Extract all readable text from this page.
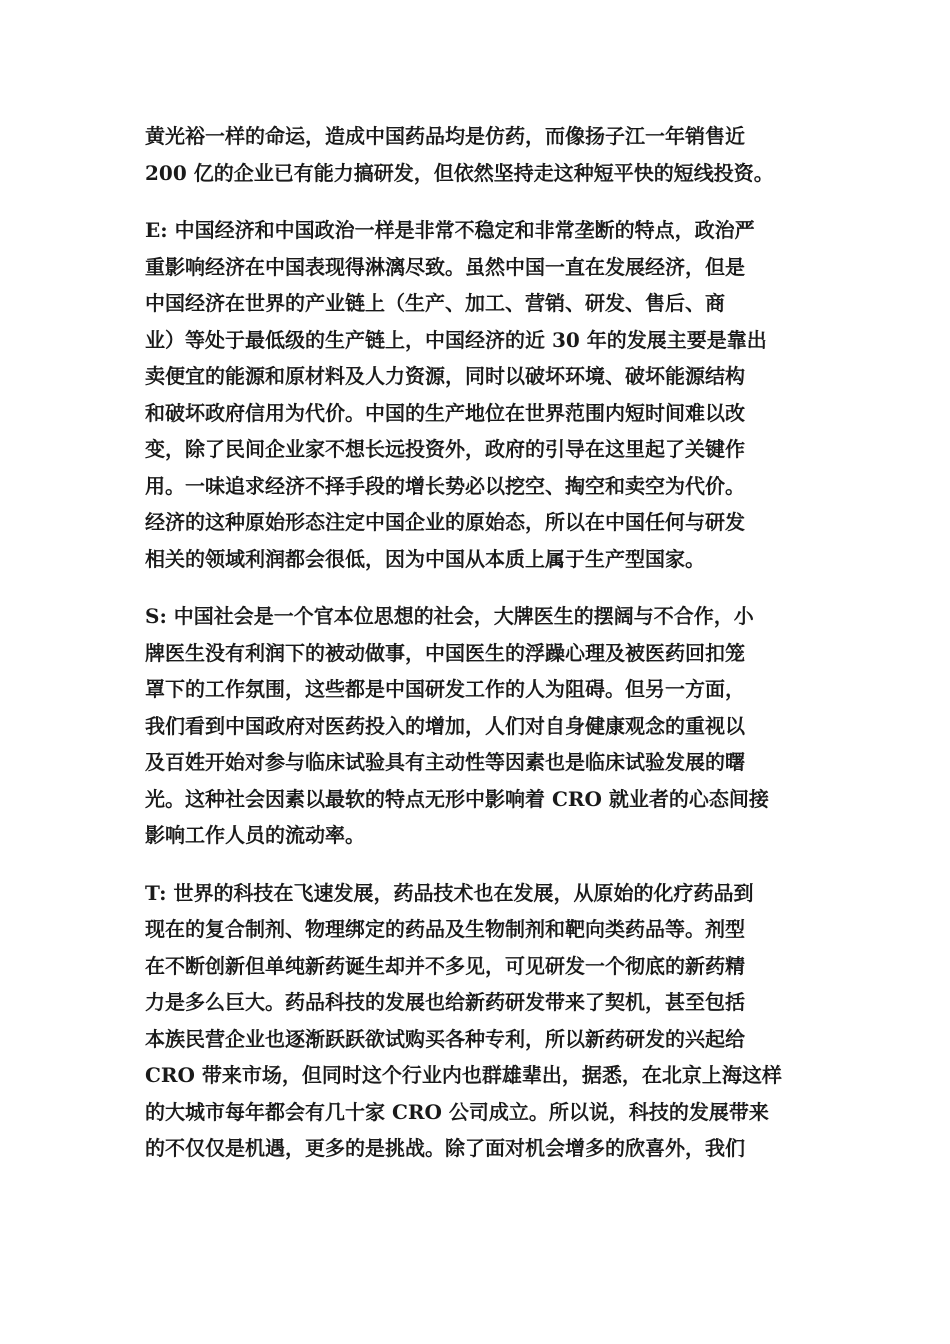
黄光裕一样的命运，造成中国药品均是仿药，而像扬子江一年销售近
200 亿的企业已有能力搞研发，但依然坚持走这种短平快的短线投资。

E: 中国经济和中国政治一样是非常不稳定和非常垄断的特点，政治严
重影响经济在中国表现得淋漓尽致。虽然中国一直在发展经济，但是
中国经济在世界的产业链上（生产、加工、营销、研发、售后、商
业）等处于最低级的生产链上，中国经济的近 30 年的发展主要是靠出
卖便宜的能源和原材料及人力资源，同时以破坏环境、破坏能源结构
和破坏政府信用为代价。中国的生产地位在世界范围内短时间难以改
变，除了民间企业家不想长远投资外，政府的引导在这里起了关键作
用。一味追求经济不择手段的增长势必以挖空、掏空和卖空为代价。
经济的这种原始形态注定中国企业的原始态，所以在中国任何与研发
相关的领域利润都会很低，因为中国从本质上属于生产型国家。

S: 中国社会是一个官本位思想的社会，大牌医生的摆阔与不合作，小
牌医生没有利润下的被动做事，中国医生的浮躁心理及被医药回扣笼
罩下的工作氛围，这些都是中国研发工作的人为阻碍。但另一方面，
我们看到中国政府对医药投入的增加，人们对自身健康观念的重视以
及百姓开始对参与临床试验具有主动性等因素也是临床试验发展的曙
光。这种社会因素以最软的特点无形中影响着 CRO 就业者的心态间接
影响工作人员的流动率。

T: 世界的科技在飞速发展，药品技术也在发展，从原始的化疗药品到
现在的复合制剂、物理绑定的药品及生物制剂和靶向类药品等。剂型
在不断创新但单纯新药诞生却并不多见，可见研发一个彻底的新药精
力是多么巨大。药品科技的发展也给新药研发带来了契机，甚至包括
本族民营企业也逐渐跃跃欲试购买各种专利，所以新药研发的兴起给
CRO 带来市场，但同时这个行业内也群雄辈出，据悉，在北京上海这样
的大城市每年都会有几十家 CRO 公司成立。所以说，科技的发展带来
的不仅仅是机遇，更多的是挑战。除了面对机会增多的欣喜外，我们
